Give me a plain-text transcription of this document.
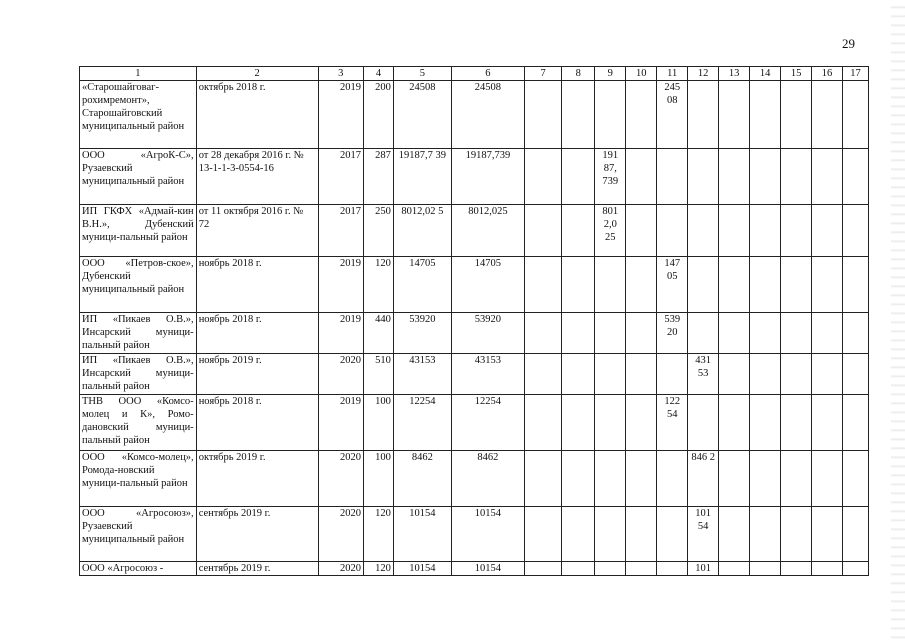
29
1	2	3	4	5	6	7	8	9	10	11	12	13	14	15	16	17
«Старошайговаг-рохимремонт», Старошайговский муниципальный район	октябрь 2018 г.	2019	200	24508	24508					245 08						
ООО «АгроК-С», Рузаевский муниципальный район	от 28 декабря 2016 г. № 13-1-1-3-0554-16	2017	287	19187,7 39	19187,739			191 87, 739								
ИП ГКФХ «Адмай-кин В.Н.», Дубенский муници-пальный район	от 11 октября 2016 г. № 72	2017	250	8012,02 5	8012,025			801 2,0 25								
ООО «Петров-ское», Дубенский муниципальный район	ноябрь 2018 г.	2019	120	14705	14705					147 05						
ИП «Пикаев О.В.», Инсарский муници-пальный район	ноябрь 2018 г.	2019	440	53920	53920					539 20						
ИП «Пикаев О.В.», Инсарский муници-пальный район	ноябрь 2019 г.	2020	510	43153	43153						431 53					
ТНВ ООО «Комсо-молец и К», Ромо-дановский муници-пальный район	ноябрь 2018 г.	2019	100	12254	12254					122 54						
ООО «Комсо-молец», Ромода-новский муници-пальный район	октябрь 2019 г.	2020	100	8462	8462						846 2					
ООО «Агросоюз», Рузаевский муниципальный район	сентябрь 2019 г.	2020	120	10154	10154						101 54					
ООО «Агросоюз -	сентябрь 2019 г.	2020	120	10154	10154						101					
